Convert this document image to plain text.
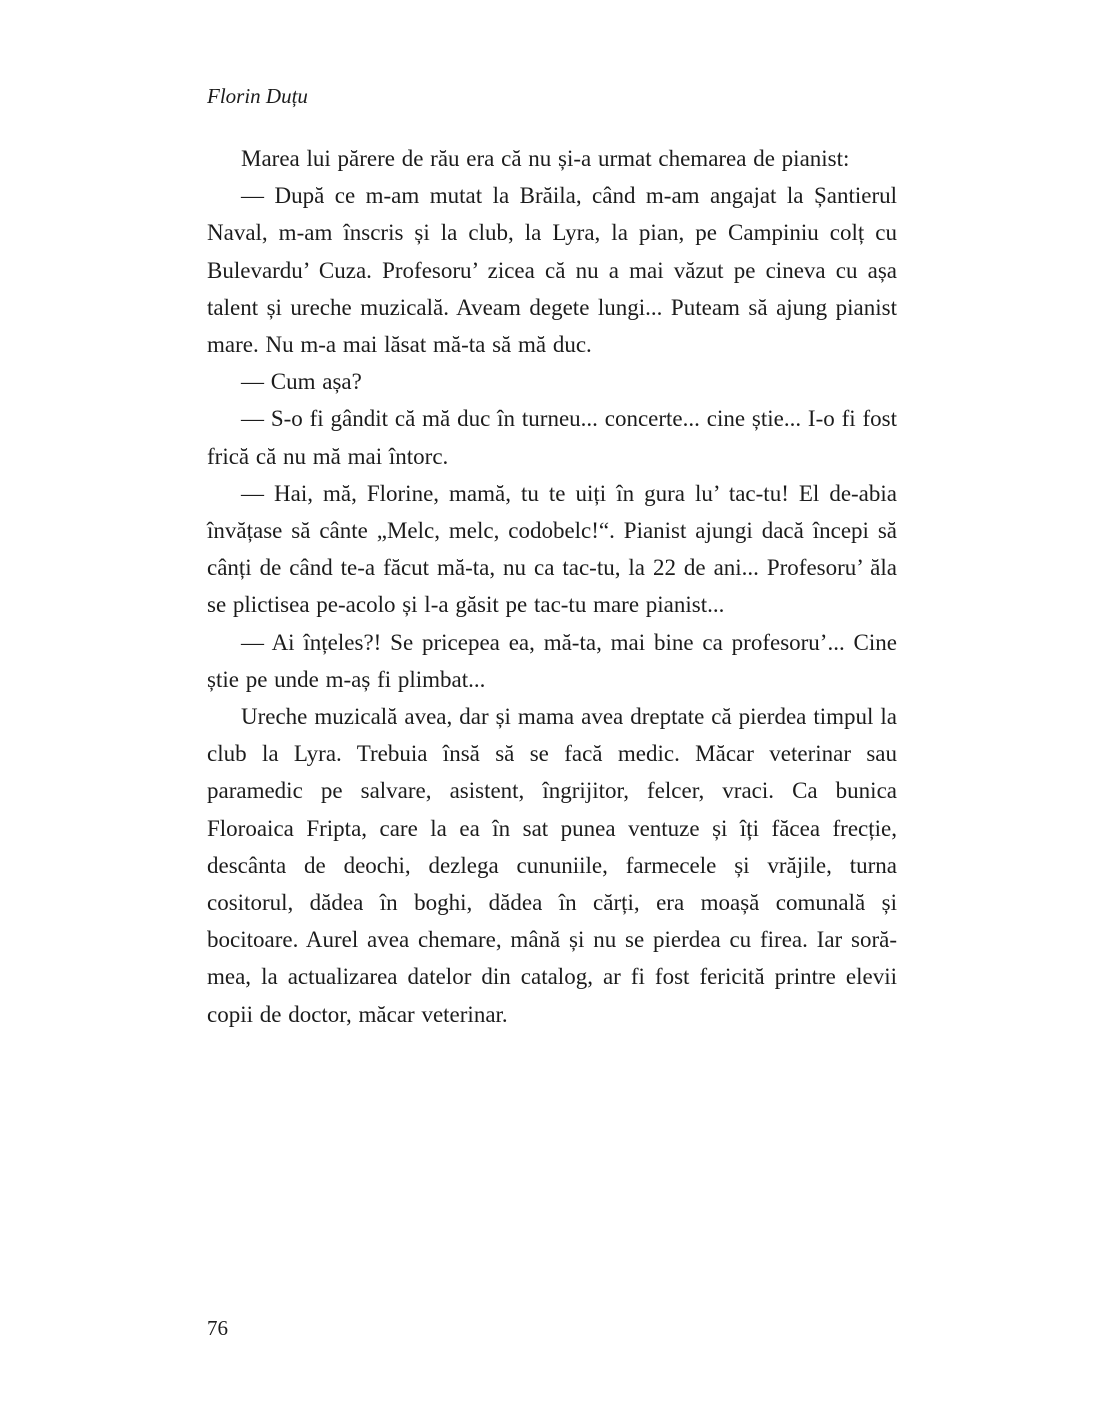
Florin Duțu

Marea lui părere de rău era că nu și-a urmat chemarea de pianist:

— După ce m-am mutat la Brăila, când m-am angajat la Șantierul Naval, m-am înscris și la club, la Lyra, la pian, pe Campiniu colț cu Bulevardu’ Cuza. Profesoru’ zicea că nu a mai văzut pe cineva cu așa talent și ureche muzicală. Aveam degete lungi... Puteam să ajung pianist mare. Nu m-a mai lăsat mă-ta să mă duc.

— Cum așa?

— S-o fi gândit că mă duc în turneu... concerte... cine știe... I-o fi fost frică că nu mă mai întorc.

— Hai, mă, Florine, mamă, tu te uiți în gura lu’ tac-tu! El de-abia învățase să cânte „Melc, melc, codobelc!“. Pianist ajungi dacă începi să cânți de când te-a făcut mă-ta, nu ca tac-tu, la 22 de ani... Profesoru’ ăla se plictisea pe-acolo și l-a găsit pe tac-tu mare pianist...

— Ai înțeles?! Se pricepea ea, mă-ta, mai bine ca profesoru’... Cine știe pe unde m-aș fi plimbat...

Ureche muzicală avea, dar și mama avea dreptate că pierdea timpul la club la Lyra. Trebuia însă să se facă medic. Măcar veterinar sau paramedic pe salvare, asistent, îngrijitor, felcer, vraci. Ca bunica Floroaica Fripta, care la ea în sat punea ventuze și îți făcea frecție, descânta de deochi, dezlega cununiile, farmecele și vrăjile, turna cositorul, dădea în boghi, dădea în cărți, era moașă comunală și bocitoare. Aurel avea chemare, mână și nu se pierdea cu firea. Iar soră-mea, la actualizarea datelor din catalog, ar fi fost fericită printre elevii copii de doctor, măcar veterinar.

76
